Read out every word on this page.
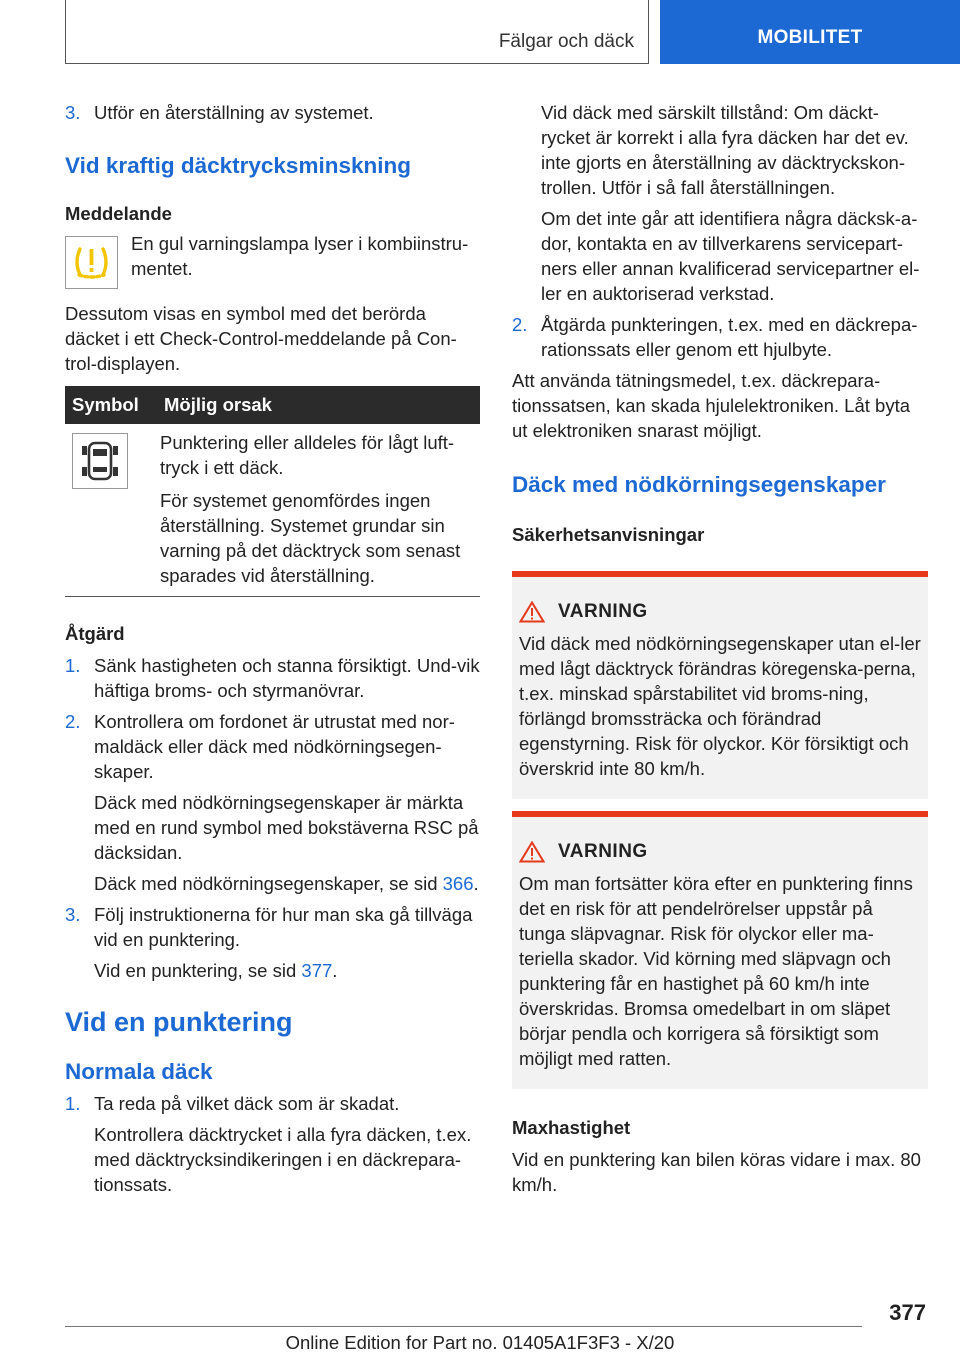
Fälgar och däck	MOBILITET
3. Utför en återställning av systemet.

Vid kraftig däcktrycksminskning

Meddelande

En gul varningslampa lyser i kombiinstru-mentet.

Dessutom visas en symbol med det berörda däcket i ett Check-Control-meddelande på Con-trol-displayen.

Symbol	Möjlig orsak

Punktering eller alldeles för lågt luft-tryck i ett däck.

För systemet genomfördes ingen återställning. Systemet grundar sin varning på det däcktryck som senast sparades vid återställning.

Åtgärd

1. Sänk hastigheten och stanna försiktigt. Und-vik häftiga broms- och styrmanövrar.
2. Kontrollera om fordonet är utrustat med nor-maldäck eller däck med nödkörningsegen-skaper.

Däck med nödkörningsegenskaper är märkta med en rund symbol med bokstäverna RSC på däcksidan.

Däck med nödkörningsegenskaper, se sid 366.

3. Följ instruktionerna för hur man ska gå tillväga vid en punktering.

Vid en punktering, se sid 377.

Vid en punktering

Normala däck

1. Ta reda på vilket däck som är skadat.

Kontrollera däcktrycket i alla fyra däcken, t.ex. med däcktrycksindikeringen i en däckrepara-tionssats.

Vid däck med särskilt tillstånd: Om däckt-rycket är korrekt i alla fyra däcken har det ev. inte gjorts en återställning av däcktryckskon-trollen. Utför i så fall återställningen.

Om det inte går att identifiera några däcksk-a-dor, kontakta en av tillverkarens servicepart-ners eller annan kvalificerad servicepartner el-ler en auktoriserad verkstad.

2. Åtgärda punkteringen, t.ex. med en däckrepa-rationssats eller genom ett hjulbyte.

Att använda tätningsmedel, t.ex. däckrepara-tionssatsen, kan skada hjulelektroniken. Låt byta ut elektroniken snarast möjligt.

Däck med nödkörningsegenskaper

Säkerhetsanvisningar

VARNING

Vid däck med nödkörningsegenskaper utan el-ler med lågt däcktryck förändras köregenska-perna, t.ex. minskad spårstabilitet vid broms-ning, förlängd bromssträcka och förändrad egenstyrning. Risk för olyckor. Kör försiktigt och överskrid inte 80 km/h.

VARNING

Om man fortsätter köra efter en punktering finns det en risk för att pendelrörelser uppstår på tunga släpvagnar. Risk för olyckor eller ma-teriella skador. Vid körning med släpvagn och punktering får en hastighet på 60 km/h inte överskridas. Bromsa omedelbart in om släpet börjar pendla och korrigera så försiktigt som möjligt med ratten.

Maxhastighet

Vid en punktering kan bilen köras vidare i max. 80 km/h.

377
Online Edition for Part no. 01405A1F3F3 - X/20
